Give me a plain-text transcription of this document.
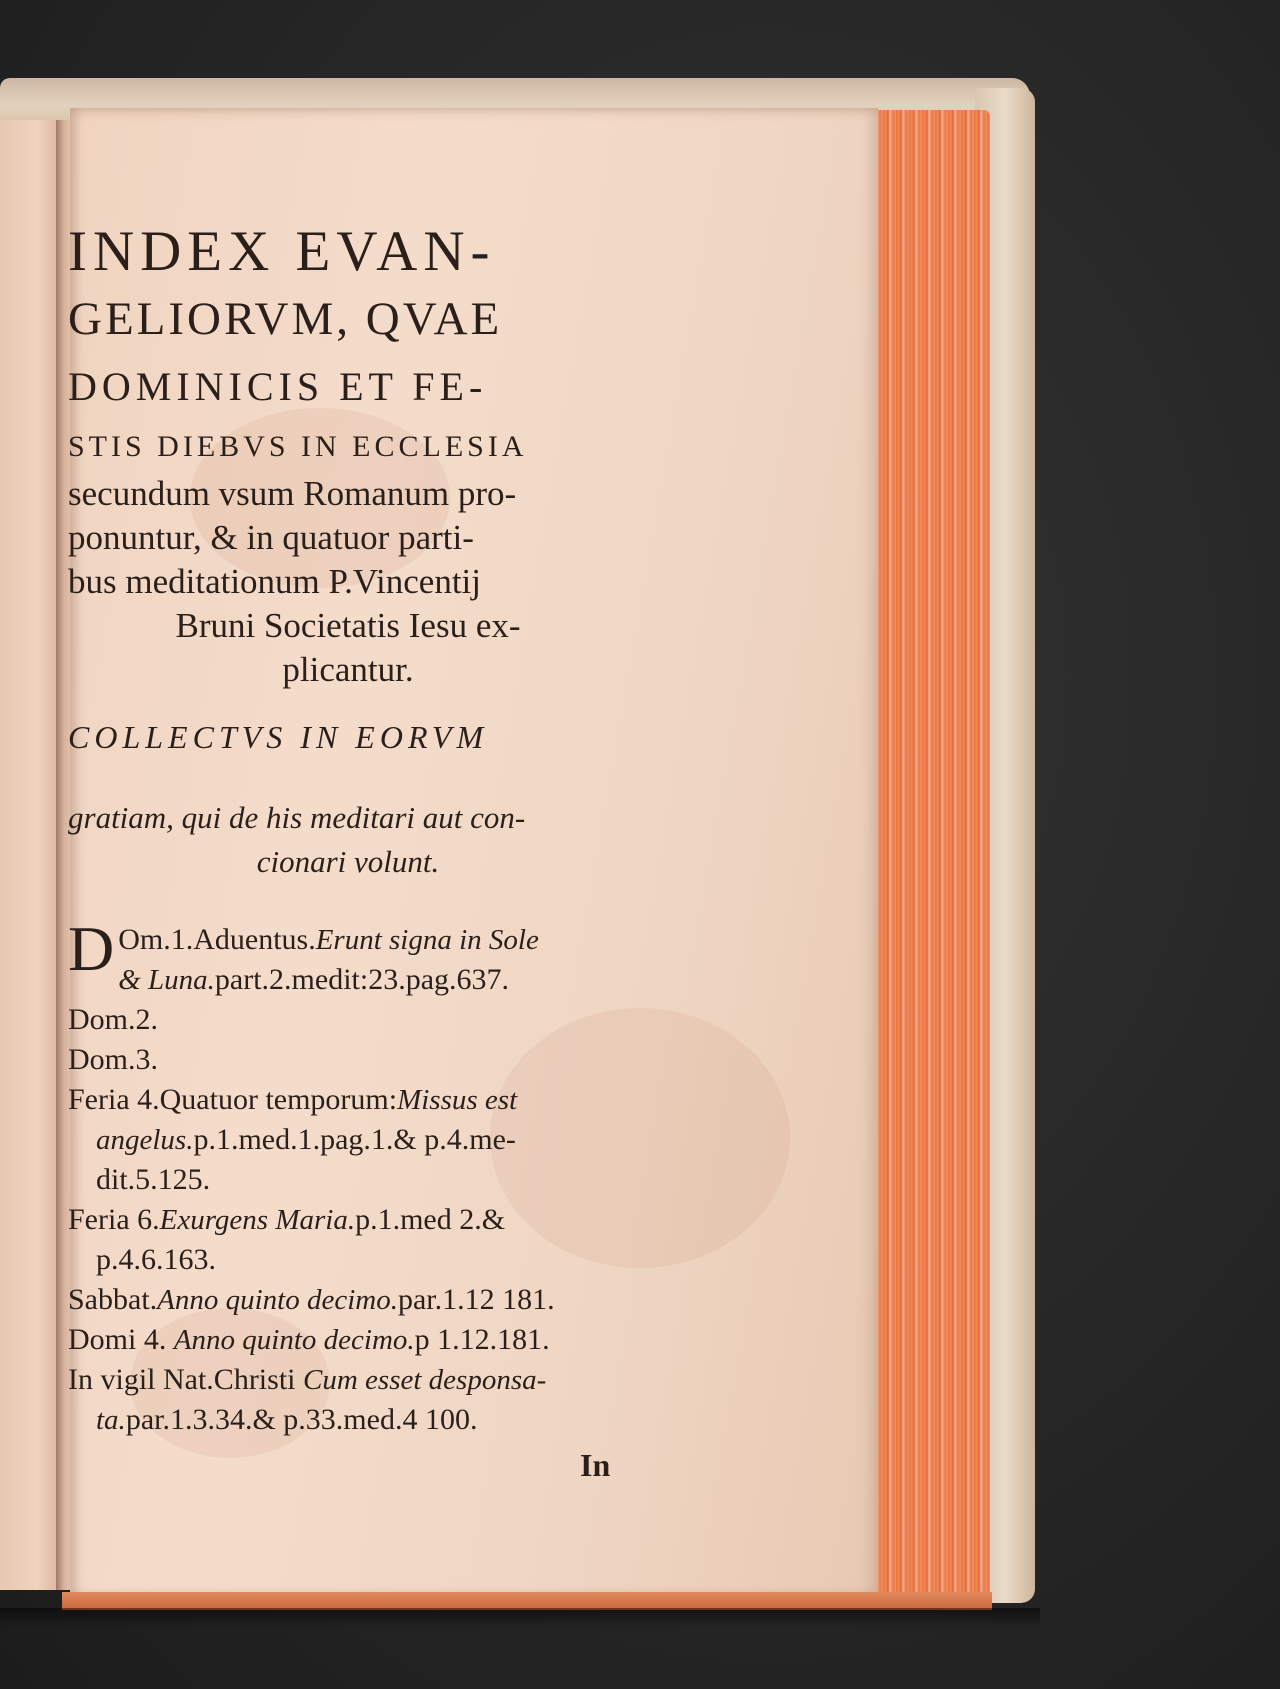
INDEX EVAN-

GELIORVM, QVAE

DOMINICIS ET FE-

STIS DIEBVS IN ECCLESIA

secundum vsum Romanum pro-

ponuntur, & in quatuor parti-

bus meditationum P.Vincentij

Bruni Societatis Iesu ex-

plicantur.

COLLECTVS IN EORVM

gratiam, qui de his meditari aut con-

cionari volunt.

D Om.1.Aduentus.Erunt signa in Sole

& Luna.part.2.medit:23.pag.637.

Dom.2.

Dom.3.

Feria 4.Quatuor temporum:Missus est

angelus.p.1.med.1.pag.1.& p.4.me-

dit.5.125.

Feria 6.Exurgens Maria.p.1.med 2.&

p.4.6.163.

Sabbat.Anno quinto decimo.par.1.12 181.

Domi 4. Anno quinto decimo.p 1.12.181.

In vigil Nat.Christi Cum esset desponsa-

ta.par.1.3.34.& p.33.med.4 100.

In
